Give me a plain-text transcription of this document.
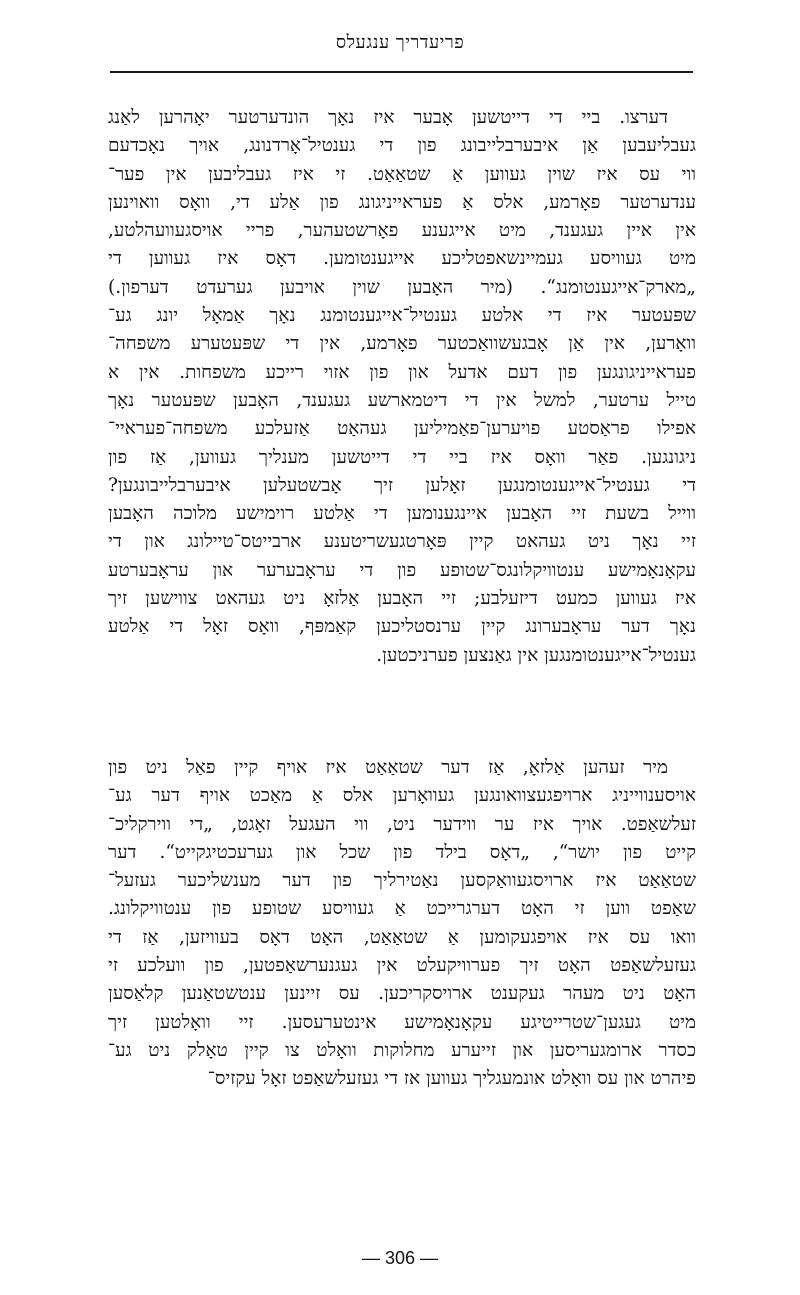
פריעדריך ענגעלס
דערצו. ביי די דייטשען אָבער איז נאָך הונדערטער יאָהרען לאַנג
געבליעבען אַן איבערבלייבונג פון די גענטיל־אָרדנונג, אויך נאָכדעם
ווי עס איז שוין געווען אַ שטאַאַט. זי איז געבליבען אין פער־
ענדערטער פאָרמע, אלס אַ פעראייניגונג פון אַלע די, וואָס וואוינען
אין איין געגענד, מיט אייגענע פאָרשטעהער, פריי אויסגעוועהלטע,
מיט געוויסע געמיינשאפטליכע אייגענטומען. דאָס איז געווען די
„מארק־אייגענטומנג“. (מיר האָבען שוין אויבען גערעדט דערפון.)
שפּעטער איז די אלטע גענטיל־אייגענטומנג נאָך אַמאָל יונג גע־
וואָרען, אין אַן אָבגעשוואַכטער פאָרמע, אין די שפּעטערע משפחה־
פעראייניגונגען פון דעם אדעל און פון אזוי רייכע משפחות. אין א
טייל ערטער, למשל אין די דיטמארשע געגענד, האָבען שפּעטער נאָך
אפילו פראַסטע פויערען־פאַמיליען געהאַט אַזעלכע משפחה־פעראיי־
ניגונגען. פאַר וואָס איז ביי די דייטשען מענליך געווען, אַז פון
די גענטיל־אייגענטומנגען זאָלען זיך אָבשטעלען איבערבלייבונגען?
ווייל בשעת זיי האָבען איינגענומען די אַלטע רוימישע מלוכה האָבען
זיי נאָך ניט געהאט קיין פּאָרטגעשריטענע ארבייטס־טיילונג און די
עקאָנאָמישע ענטוויקלונגס־שטופע פון די עראָבערער און עראָבערטע
איז געווען כמעט דיזעלבע; זיי האָבען אַלזאָ ניט געהאט צווישען זיך
נאָך דער עראָבערונג קיין ערנסטליכען קאַמפּף, וואָס זאָל די אַלטע
גענטיל־אייגענטומנגען אין גאַנצען פערניכטען.
מיר זעהען אַלזאָ, אַז דער שטאַאַט איז אויף קיין פאַל ניט פון
אויסענווייניג ארויפגעצוואונגען געוואָרען אלס אַ מאַכט אויף דער גע־
זעלשאַפט. אויך איז ער ווידער ניט, ווי העגעל זאָגט, „די ווירקליכ־
קייט פון יושר“, „דאָס בילד פון שכל און גערעכטיגקייט“. דער
שטאַאַט איז ארויסגעוואַקסען נאַטירליך פון דער מענשליכער געזעל־
שאַפט ווען זי האָט דערגרייכט אַ געוויסע שטופע פון ענטוויקלונג.
וואו עס איז אויפגעקומען אַ שטאַאַט, האָט דאָס בעוויזען, אַז די
געזעלשאַפט האָט זיך פערוויקעלט אין געגנערשאַפטען, פון וועלכע זי
האָט ניט מעהר געקענט ארויסקריכען. עס זיינען ענטשטאַנען קלאַסען
מיט געגען־שטרייטיגע עקאָנאָמישע אינטערעסען. זיי וואָלטען זיך
כסדר ארומגעריסען און זייערע מחלוקות וואָלט צו קיין טאָלק ניט גע־
פיהרט און עס וואָלט אונמעגליך געווען אז די געזעלשאַפט זאָל עקזיס־
— 306 —
